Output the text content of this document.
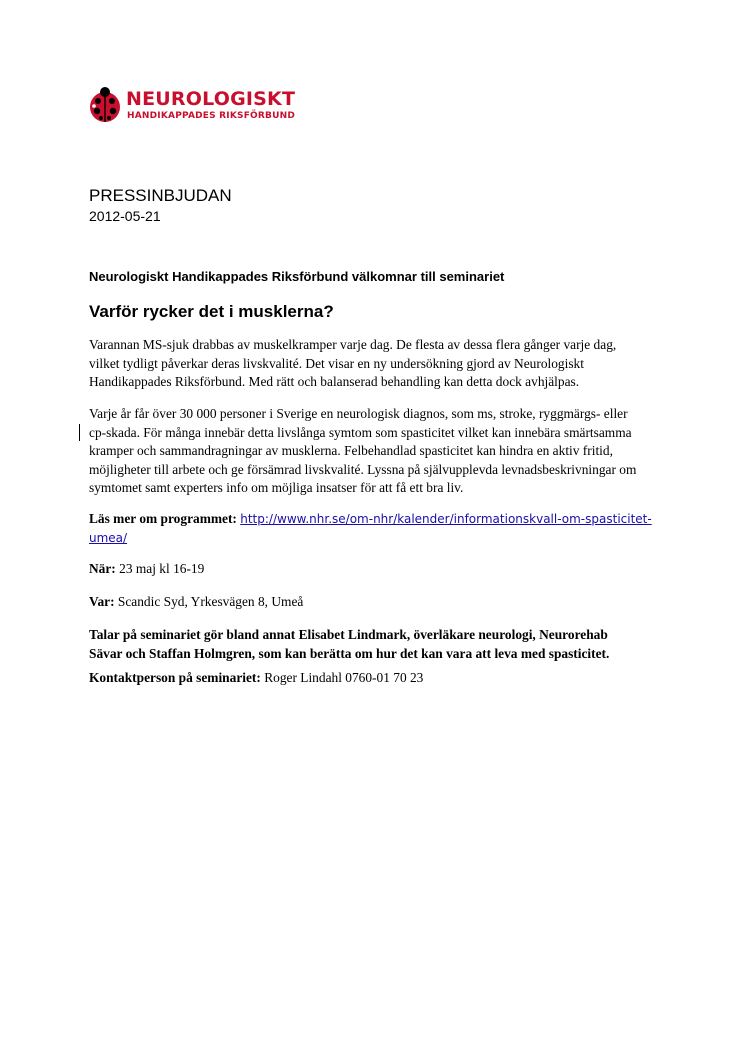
NEUROLOGISKT
HANDIKAPPADES RIKSFÖRBUND
PRESSINBJUDAN
2012-05-21
Neurologiskt Handikappades Riksförbund välkomnar till seminariet
Varför rycker det i musklerna?
Varannan MS-sjuk drabbas av muskelkramper varje dag. De flesta av dessa flera gånger varje dag,
vilket tydligt påverkar deras livskvalité. Det visar en ny undersökning gjord av Neurologiskt
Handikappades Riksförbund. Med rätt och balanserad behandling kan detta dock avhjälpas.
Varje år får över 30 000 personer i Sverige en neurologisk diagnos, som ms, stroke, ryggmärgs- eller
cp-skada. För många innebär detta livslånga symtom som spasticitet vilket kan innebära smärtsamma
kramper och sammandragningar av musklerna. Felbehandlad spasticitet kan hindra en aktiv fritid,
möjligheter till arbete och ge försämrad livskvalité. Lyssna på självupplevda levnadsbeskrivningar om
symtomet samt experters info om möjliga insatser för att få ett bra liv.
Läs mer om programmet: http://www.nhr.se/om-nhr/kalender/informationskvall-om-spasticitet-
umea/
När: 23 maj kl 16-19
Var: Scandic Syd, Yrkesvägen 8, Umeå
Talar på seminariet gör bland annat Elisabet Lindmark, överläkare neurologi, Neurorehab
Sävar och Staffan Holmgren, som kan berätta om hur det kan vara att leva med spasticitet.
Kontaktperson på seminariet: Roger Lindahl 0760-01 70 23
